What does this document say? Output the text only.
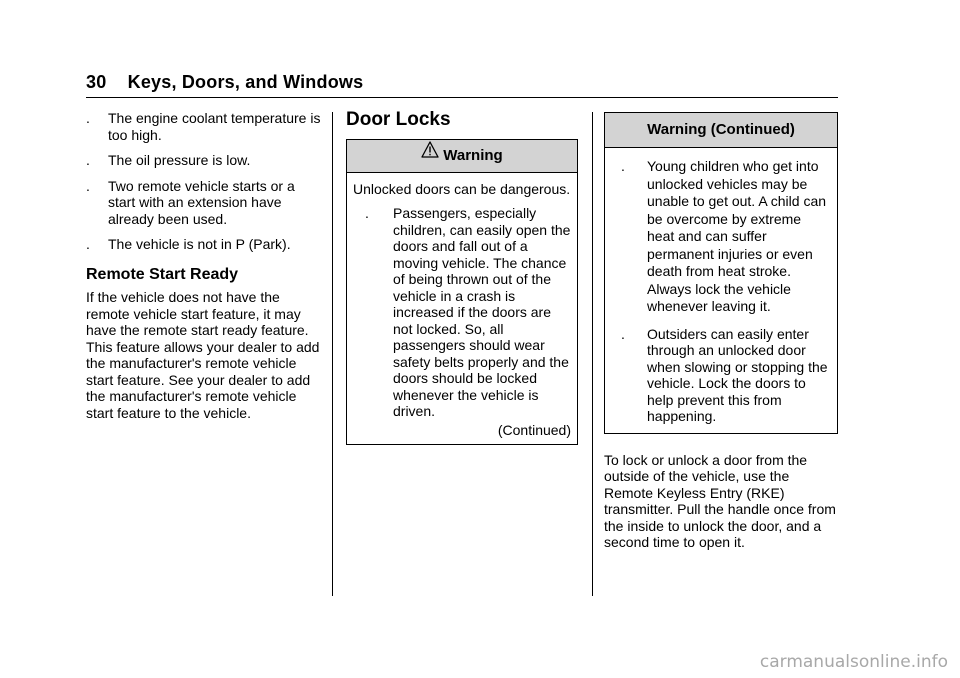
30 Keys, Doors, and Windows
. The engine coolant temperature is too high.
. The oil pressure is low.
. Two remote vehicle starts or a start with an extension have already been used.
. The vehicle is not in P (Park).
Remote Start Ready

If the vehicle does not have the remote vehicle start feature, it may have the remote start ready feature. This feature allows your dealer to add the manufacturer's remote vehicle start feature. See your dealer to add the manufacturer's remote vehicle start feature to the vehicle.

Door Locks
Warning

Unlocked doors can be dangerous.

. Passengers, especially children, can easily open the doors and fall out of a moving vehicle. The chance of being thrown out of the vehicle in a crash is increased if the doors are not locked. So, all passengers should wear safety belts properly and the doors should be locked whenever the vehicle is driven.
(Continued)
Warning (Continued)
. Young children who get into unlocked vehicles may be unable to get out. A child can be overcome by extreme heat and can suffer permanent injuries or even death from heat stroke. Always lock the vehicle whenever leaving it.
. Outsiders can easily enter through an unlocked door when slowing or stopping the vehicle. Lock the doors to help prevent this from happening.

To lock or unlock a door from the outside of the vehicle, use the Remote Keyless Entry (RKE) transmitter. Pull the handle once from the inside to unlock the door, and a second time to open it.

carmanualsonline.info
